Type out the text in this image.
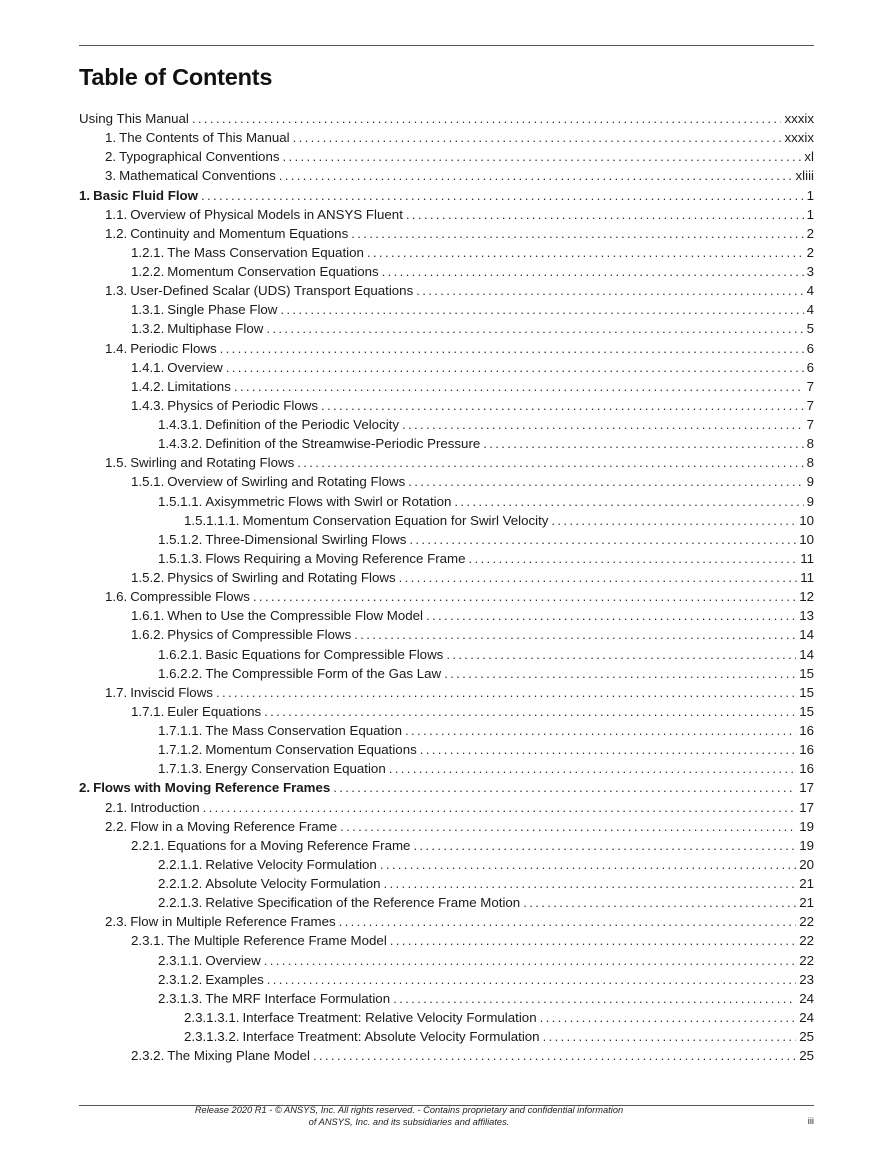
Table of Contents
Using This Manual .....	xxxix
1. The Contents of This Manual .....	xxxix
2. Typographical Conventions .....	xl
3. Mathematical Conventions .....	xliii
1. Basic Fluid Flow .....	1
1.1. Overview of Physical Models in ANSYS Fluent .....	1
1.2. Continuity and Momentum Equations .....	2
1.2.1. The Mass Conservation Equation .....	2
1.2.2. Momentum Conservation Equations .....	3
1.3. User-Defined Scalar (UDS) Transport Equations .....	4
1.3.1. Single Phase Flow .....	4
1.3.2. Multiphase Flow .....	5
1.4. Periodic Flows .....	6
1.4.1. Overview .....	6
1.4.2. Limitations .....	7
1.4.3. Physics of Periodic Flows .....	7
1.4.3.1. Definition of the Periodic Velocity .....	7
1.4.3.2. Definition of the Streamwise-Periodic Pressure .....	8
1.5. Swirling and Rotating Flows .....	8
1.5.1. Overview of Swirling and Rotating Flows .....	9
1.5.1.1. Axisymmetric Flows with Swirl or Rotation .....	9
1.5.1.1.1. Momentum Conservation Equation for Swirl Velocity .....	10
1.5.1.2. Three-Dimensional Swirling Flows .....	10
1.5.1.3. Flows Requiring a Moving Reference Frame .....	11
1.5.2. Physics of Swirling and Rotating Flows .....	11
1.6. Compressible Flows .....	12
1.6.1. When to Use the Compressible Flow Model .....	13
1.6.2. Physics of Compressible Flows .....	14
1.6.2.1. Basic Equations for Compressible Flows .....	14
1.6.2.2. The Compressible Form of the Gas Law .....	15
1.7. Inviscid Flows .....	15
1.7.1. Euler Equations .....	15
1.7.1.1. The Mass Conservation Equation .....	16
1.7.1.2. Momentum Conservation Equations .....	16
1.7.1.3. Energy Conservation Equation .....	16
2. Flows with Moving Reference Frames .....	17
2.1. Introduction .....	17
2.2. Flow in a Moving Reference Frame .....	19
2.2.1. Equations for a Moving Reference Frame .....	19
2.2.1.1. Relative Velocity Formulation .....	20
2.2.1.2. Absolute Velocity Formulation .....	21
2.2.1.3. Relative Specification of the Reference Frame Motion .....	21
2.3. Flow in Multiple Reference Frames .....	22
2.3.1. The Multiple Reference Frame Model .....	22
2.3.1.1. Overview .....	22
2.3.1.2. Examples .....	23
2.3.1.3. The MRF Interface Formulation .....	24
2.3.1.3.1. Interface Treatment: Relative Velocity Formulation .....	24
2.3.1.3.2. Interface Treatment: Absolute Velocity Formulation .....	25
2.3.2. The Mixing Plane Model .....	25
Release 2020 R1 - © ANSYS, Inc. All rights reserved. - Contains proprietary and confidential information
of ANSYS, Inc. and its subsidiaries and affiliates.	iii
